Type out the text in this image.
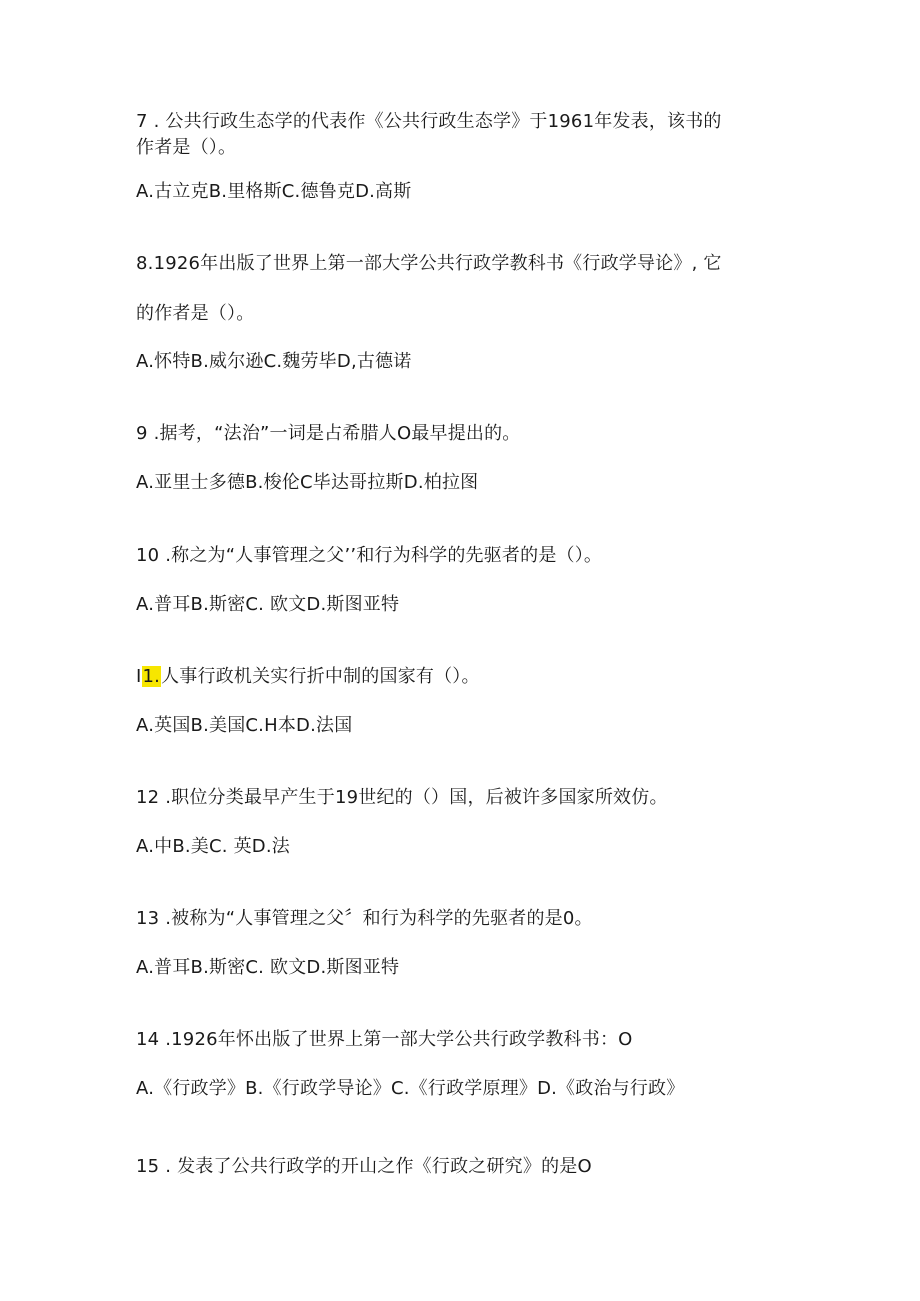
7 . 公共行政生态学的代表作《公共行政生态学》于1961年发表，该书的
作者是（）。
A.古立克B.里格斯C.德鲁克D.高斯
8.1926年出版了世界上第一部大学公共行政学教科书《行政学导论》, 它
的作者是（）。
A.怀特B.威尔逊C.魏劳毕D,古德诺
9 .据考，“法治”一词是占希腊人O最早提出的。
A.亚里士多德B.梭伦C毕达哥拉斯D.柏拉图
10 .称之为“人事管理之父’’和行为科学的先驱者的是（）。
A.普耳B.斯密C. 欧文D.斯图亚特
I1.人事行政机关实行折中制的国家有（）。
A.英国B.美国C.H本D.法国
12 .职位分类最早产生于19世纪的（）国，后被许多国家所效仿。
A.中B.美C. 英D.法
13 .被称为“人事管理之父〞和行为科学的先驱者的是0。
A.普耳B.斯密C. 欧文D.斯图亚特
14 .1926年怀出版了世界上第一部大学公共行政学教科书：O
A.《行政学》B.《行政学导论》C.《行政学原理》D.《政治与行政》
15 . 发表了公共行政学的开山之作《行政之研究》的是O
